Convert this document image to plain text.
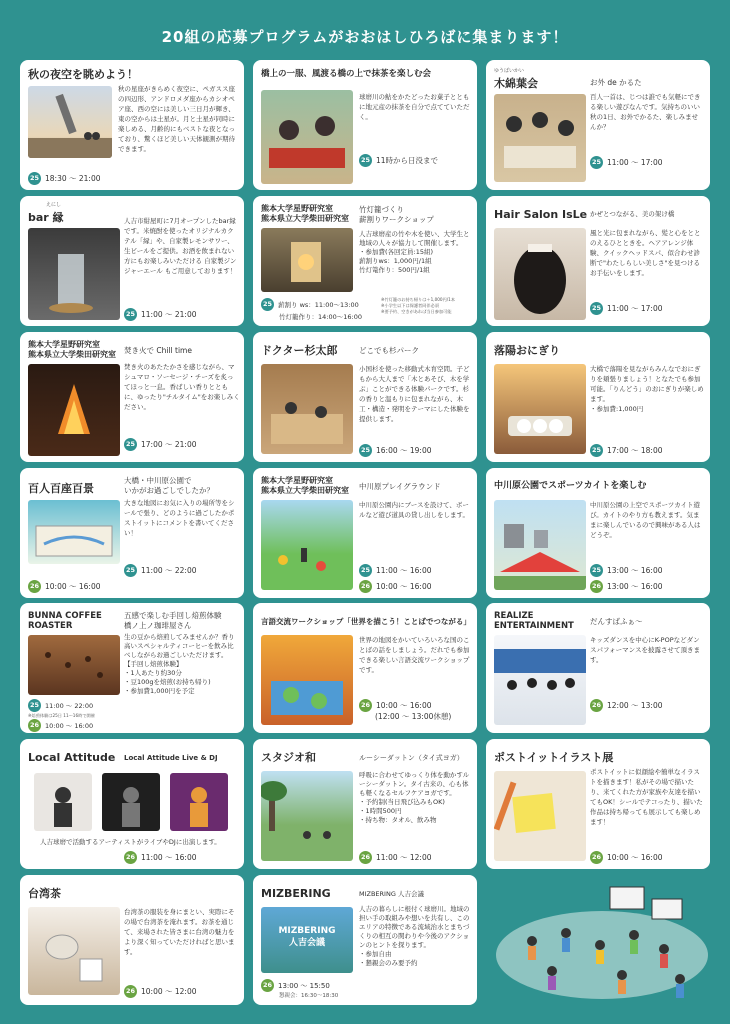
20組の応募プログラムがおおはしひろばに集まります！
秋の夜空を眺めよう！
秋の星座がきらめく夜空に、ペガスス座の四辺形、アンドロメダ座からカシオペア座、西の空には美しい三日月が輝き、東の空からは土星が。月と土星が同時に楽しめる、月齢的にもベストな夜となっており、驚くほど美しい天体観測が期待できます。
25 18:30 ～ 21:00
橋上の一服、風渡る橋の上で抹茶を楽しむ会
球磨川の鮎をかたどったお菓子とともに地元産の抹茶を自分で点てていただく。
25 11時から日没まで
ゆうばいかい
木綿葉会	お外 de かるた
百人一首は、じつは誰でも気軽にできる楽しい遊びなんです。気持ちのいい秋の1日、お外でかるた、楽しみませんか？
25 11:00 ～ 17:00
えにし
bar 縁	人吉市紺屋町に7月オープンしたbar縁です。米焼酎を使ったオリジナルカクテル「縁」や、自家製レモンサワー、生ビールをご提供。お酒を飲まれない方にもお楽しみいただける 自家製ジンジャーエール もご用意しております！
25 11:00 ～ 21:00
熊本大学星野研究室
熊本県立大学柴田研究室
竹灯籠づくり
薪割りワークショップ
人吉球磨産の竹や木を使い、大学生と地域の人々が協力して開催します。
・参加費(各回定員:15組)
薪割りws：1,000円/1組
竹灯篭作り：500円/1組
25 薪割り ws：11:00～13:00
竹灯籠作り：14:00～16:00
※竹灯籠のお持ち帰りは＋1,000円/1本
※小学生以下は保護者同伴必須
※要予約、空きがあれば当日参加可能
Hair Salon IsLe かぜとつながる、美の架け橋
風と光に包まれながら、髪と心をととのえるひとときを。ヘアアレンジ体験、クイックヘッドスパ、似合わせ診断で"わたしらしい美しさ"を見つけるお手伝いをします。
25 11:00 ～ 17:00
熊本大学星野研究室
熊本県立大学柴田研究室 焚き火で Chill time
焚き火のあたたかさを感じながら、マシュマロ・ソーセージ・チーズを炙ってほっと一息。香ばしい香りとともに、ゆったり"チルタイム"をお楽しみください。
25 17:00 ～ 21:00
ドクター杉太郎	どこでも杉パーク
小国杉を使った移動式木育空間。子どもから大人まで「木とあそび、木を学ぶ」ことができる体験パークです。杉の香りと温もりに包まれながら、木工・構造・発明をテーマにした体験を提供します。
25 16:00 ～ 19:00
落陽おにぎり
大橋で落陽を見ながらみんなでおにぎりを頬張りましょう！となたでも参加可能。「りんどう」のおにぎりが楽しめます。
・参加費:1,000円
25 17:00 ～ 18:00
百人百座百景
大橋・中川原公園で
いかがお過ごしでしたか？
大きな地図にお気に入りの場所等をシールで張り、どのように過ごしたかポストイットにコメントを書いてください！
25 11:00 ～ 22:00
26 10:00 ～ 16:00
熊本大学星野研究室
熊本県立大学柴田研究室 中川原プレイグラウンド
中川原公園内にブースを設けて、ボールなど遊び道具の貸し出しをします。
25 11:00 ～ 16:00
26 10:00 ～ 16:00
中川原公園でスポーツカイトを楽しむ
中川原公園の上空でスポーツカイト遊び。カイトのやり方も教えます。気ままに楽しんでいるので興味がある人はどうぞ。
25 13:00 ～ 16:00
26 13:00 ～ 16:00
BUNNA COFFEE
ROASTER
五感で楽しむ手回し焙煎体験
橋ノ上ノ珈琲屋さん
生の豆から焙煎してみませんか？香り高いスペシャルティコーヒーを飲み比べしながらお過ごしいただけます。
【手回し焙煎体験】
・1人あたり約30分
・豆100gを焙煎(お持ち帰り)
・参加費1,000円を予定
25 11:00 ～ 22:00
※焙煎体験は25日 11～16時で開催
26 10:00 ～ 16:00
言語交流ワークショップ「世界を描こう！ことばでつながる」
世界の地図をかいていろいろな国のことばの話をしましょう。だれでも参加できる楽しい言語交流ワークショップです。
26 10:00 ～ 16:00
(12:00 ～ 13:00休憩)
REALIZE
ENTERTAINMENT だんすばふぁ～
キッズダンスを中心にK-POPなどダンスパフォーマンスを披露させて頂きます。
26 12:00 ～ 13:00
Local Attitude Local Attitude Live & DJ
人吉球磨で活動するアーティストがライブやDJに出演します。
26 11:00 ～ 16:00
スタジオ和	ルーシーダットン（タイ式ヨガ）
呼吸に合わせてゆっくり体を動かすルーシーダットン。タイ古来の、心も体も軽くなるセルフケアヨガです。
・予約制(当日飛び込みもOK)
・1時間500円
・持ち物：タオル、飲み物
26 11:00 ～ 12:00
ポストイットイラスト展
ポストイットに似顔絵や簡単なイラストを描きます！私がその場で描いたり、来てくれた方が家族や友達を描いてもOK！シールでテコったり、描いた作品は持ち帰っても展示しても楽しめます！
26 10:00 ～ 16:00
台湾茶
台湾茶の服装を身にまとい、実際にその場で台湾茶を淹れます。お茶を通じて、来場された皆さまに台湾の魅力をより深く知っていただければと思います。
26 10:00 ～ 12:00
MIZBERING	MIZBERING 人吉会議
MIZBERING
人吉会議
人吉の暮らしに根付く球磨川。地域の担い手の取組みや想いを共有し、このエリアの特徴である流域治水とまちづくりの相互の関わりや今後のアクションのヒントを探ります。
・参加自由
・懇親会のみ要予約
26 13:00 ～ 15:50
懇親会：16:30～18:30
